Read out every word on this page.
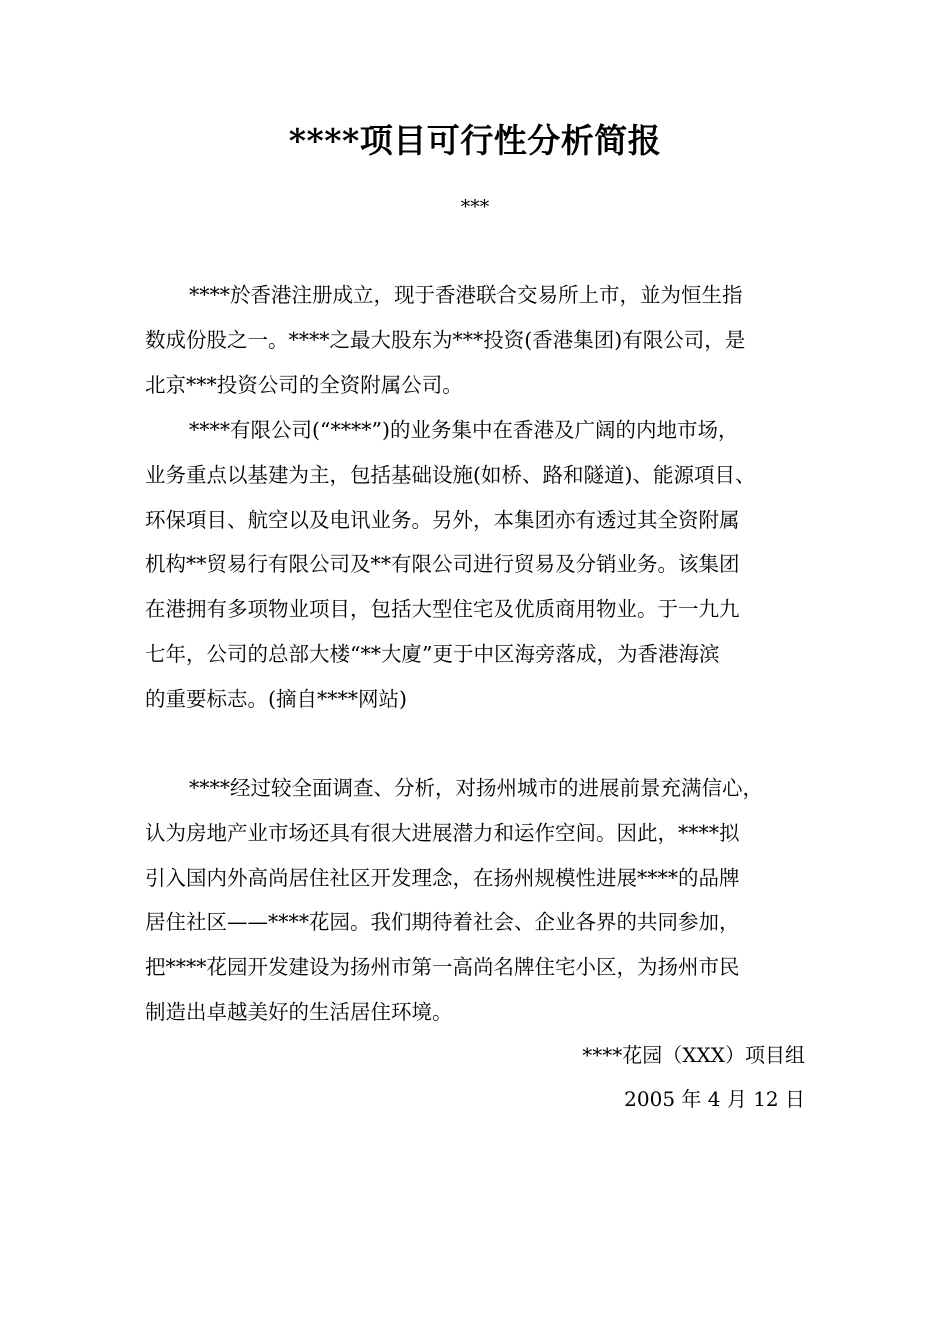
****项目可行性分析简报
***
****於香港注册成立，现于香港联合交易所上市，並为恒生指
数成份股之一。****之最大股东为***投资(香港集团)有限公司，是
北京***投资公司的全资附属公司。
****有限公司(“****”)的业务集中在香港及广阔的内地市场，
业务重点以基建为主，包括基础设施(如桥、路和隧道)、能源項目、
环保項目、航空以及电讯业务。另外，本集团亦有透过其全资附属
机构**贸易行有限公司及**有限公司进行贸易及分销业务。该集团
在港拥有多项物业项目，包括大型住宅及优质商用物业。于一九九
七年，公司的总部大楼“**大廈”更于中区海旁落成，为香港海滨
的重要标志。(摘自****网站)
****经过较全面调查、分析，对扬州城市的进展前景充满信心，
认为房地产业市场还具有很大进展潜力和运作空间。因此，****拟
引入国内外高尚居住社区开发理念，在扬州规模性进展****的品牌
居住社区——****花园。我们期待着社会、企业各界的共同参加，
把****花园开发建设为扬州市第一高尚名牌住宅小区，为扬州市民
制造出卓越美好的生活居住环境。
****花园（XXX）项目组
2005 年 4 月 12 日
